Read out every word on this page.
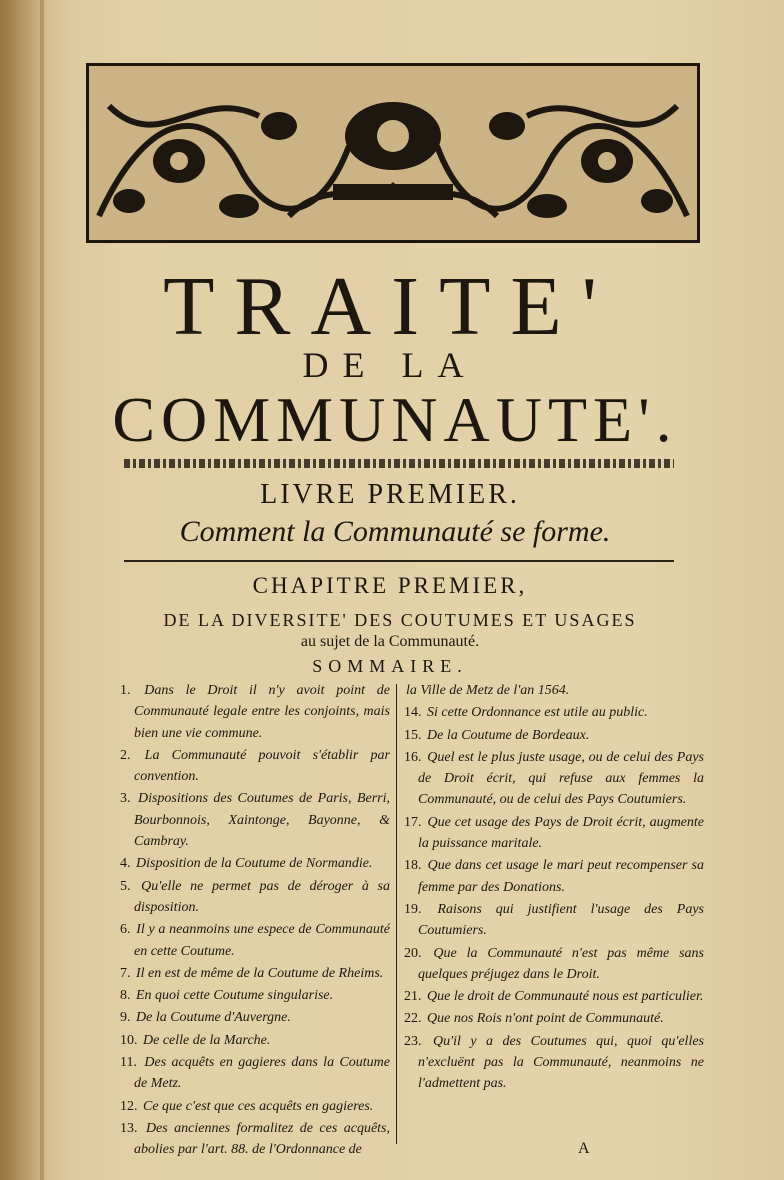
TRAITE'
DE LA
COMMUNAUTE'.
LIVRE PREMIER.
Comment la Communauté se forme.
CHAPITRE PREMIER,
DE LA DIVERSITE' DES COUTUMES ET USAGES
au sujet de la Communauté.
SOMMAIRE.
1. Dans le Droit il n'y avoit point de Communauté legale entre les conjoints, mais bien une vie commune.
2. La Communauté pouvoit s'établir par convention.
3. Dispositions des Coutumes de Paris, Berri, Bourbonnois, Xaintonge, Bayonne, & Cambray.
4. Disposition de la Coutume de Normandie.
5. Qu'elle ne permet pas de déroger à sa disposition.
6. Il y a neanmoins une espece de Communauté en cette Coutume.
7. Il en est de même de la Coutume de Rheims.
8. En quoi cette Coutume singularise.
9. De la Coutume d'Auvergne.
10. De celle de la Marche.
11. Des acquêts en gagieres dans la Coutume de Metz.
12. Ce que c'est que ces acquêts en gagieres.
13. Des anciennes formalitez de ces acquêts, abolies par l'art. 88. de l'Ordonnance de
la Ville de Metz de l'an 1564.
14. Si cette Ordonnance est utile au public.
15. De la Coutume de Bordeaux.
16. Quel est le plus juste usage, ou de celui des Pays de Droit écrit, qui refuse aux femmes la Communauté, ou de celui des Pays Coutumiers.
17. Que cet usage des Pays de Droit écrit, augmente la puissance maritale.
18. Que dans cet usage le mari peut recompenser sa femme par des Donations.
19. Raisons qui justifient l'usage des Pays Coutumiers.
20. Que la Communauté n'est pas même sans quelques préjugez dans le Droit.
21. Que le droit de Communauté nous est particulier.
22. Que nos Rois n'ont point de Communauté.
23. Qu'il y a des Coutumes qui, quoi qu'elles n'excluënt pas la Communauté, neanmoins ne l'admettent pas.
A
